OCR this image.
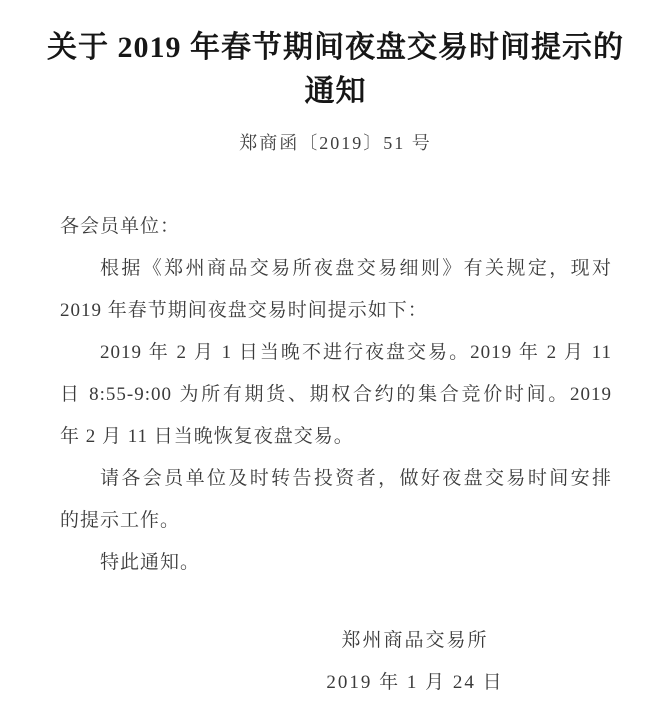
关于 2019 年春节期间夜盘交易时间提示的
通知
郑商函〔2019〕51 号
各会员单位：
根据《郑州商品交易所夜盘交易细则》有关规定，现对
2019 年春节期间夜盘交易时间提示如下：
2019 年 2 月 1 日当晚不进行夜盘交易。2019 年 2 月 11
日 8:55-9:00 为所有期货、期权合约的集合竞价时间。2019
年 2 月 11 日当晚恢复夜盘交易。
请各会员单位及时转告投资者，做好夜盘交易时间安排
的提示工作。
特此通知。
郑州商品交易所
2019 年 1 月 24 日
